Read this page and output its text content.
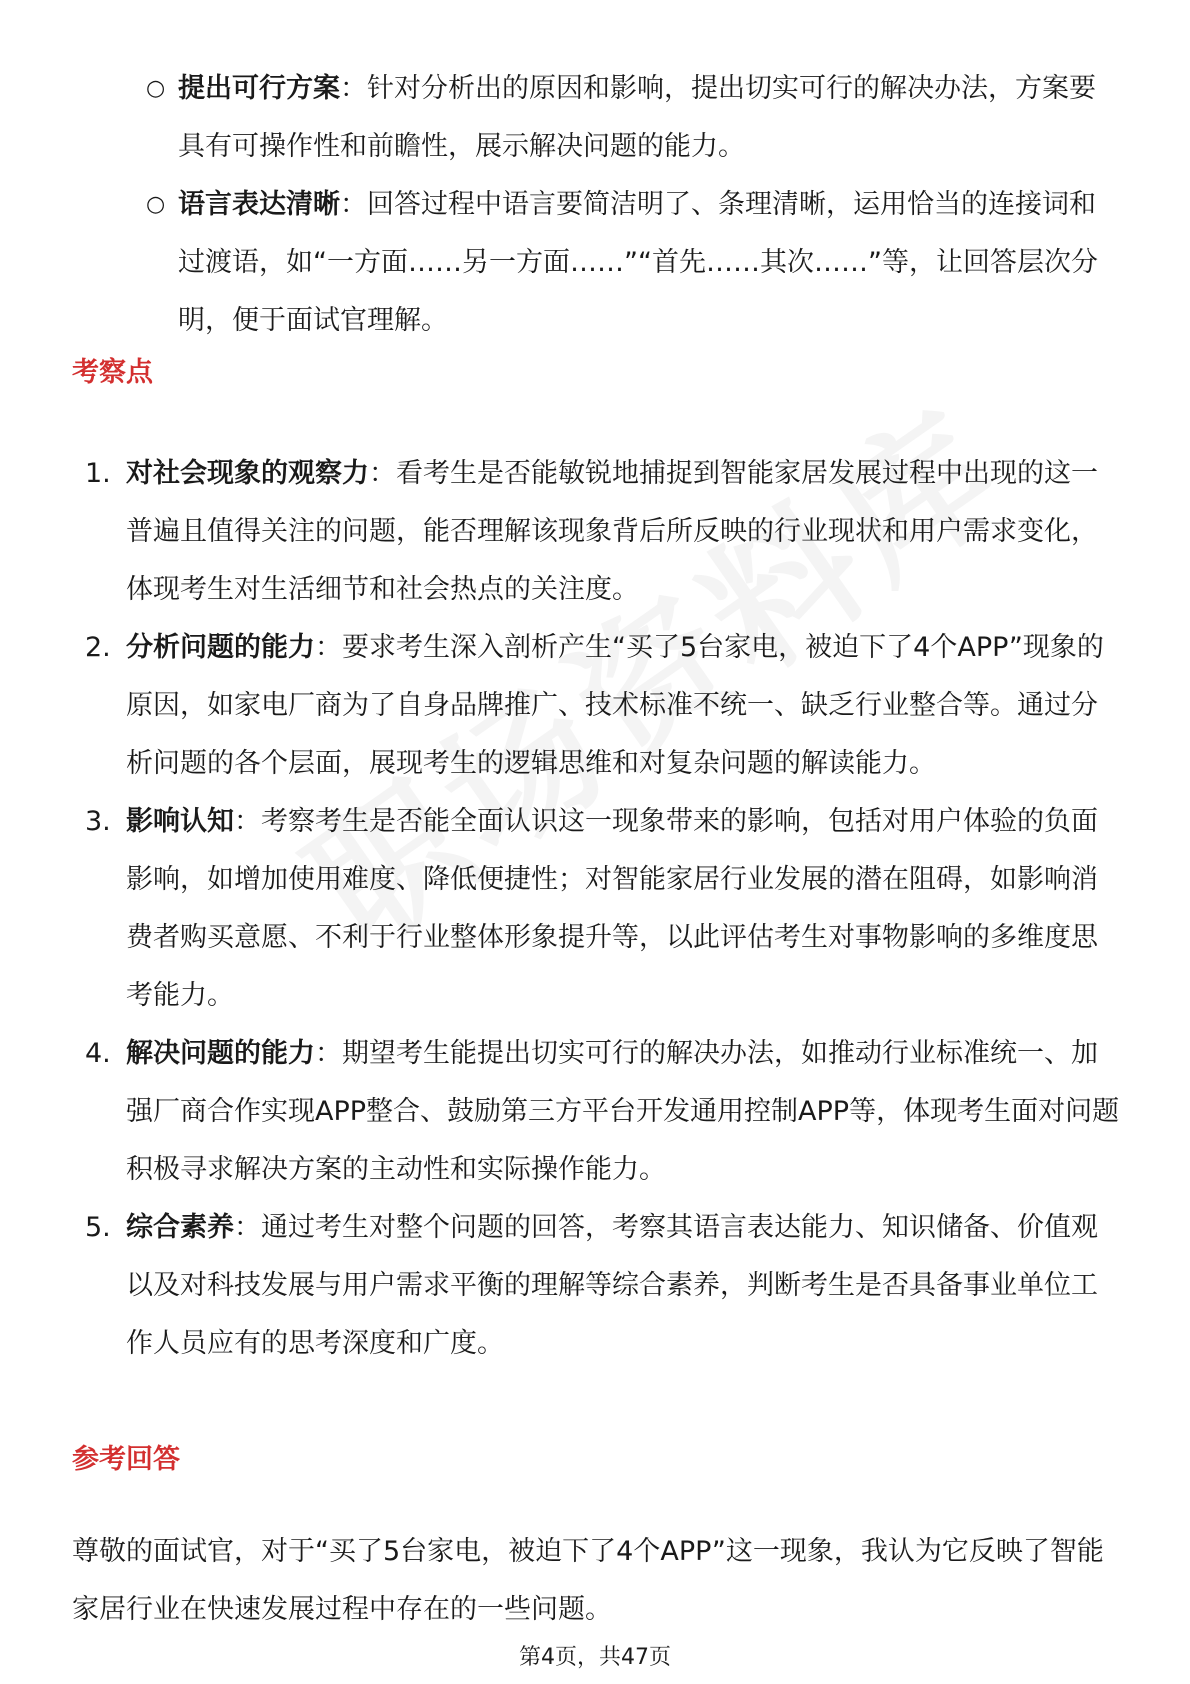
○ 提出可行方案：针对分析出的原因和影响，提出切实可行的解决办法，方案要具有可操作性和前瞻性，展示解决问题的能力。
○ 语言表达清晰：回答过程中语言要简洁明了、条理清晰，运用恰当的连接词和过渡语，如“一方面……另一方面……”“首先……其次……”等，让回答层次分明，便于面试官理解。
考察点
1. 对社会现象的观察力：看考生是否能敏锐地捕捉到智能家居发展过程中出现的这一普遍且值得关注的问题，能否理解该现象背后所反映的行业现状和用户需求变化，体现考生对生活细节和社会热点的关注度。
2. 分析问题的能力：要求考生深入剖析产生“买了5台家电，被迫下了4个APP”现象的原因，如家电厂商为了自身品牌推广、技术标准不统一、缺乏行业整合等。通过分析问题的各个层面，展现考生的逻辑思维和对复杂问题的解读能力。
3. 影响认知：考察考生是否能全面认识这一现象带来的影响，包括对用户体验的负面影响，如增加使用难度、降低便捷性；对智能家居行业发展的潜在阻碍，如影响消费者购买意愿、不利于行业整体形象提升等，以此评估考生对事物影响的多维度思考能力。
4. 解决问题的能力：期望考生能提出切实可行的解决办法，如推动行业标准统一、加强厂商合作实现APP整合、鼓励第三方平台开发通用控制APP等，体现考生面对问题积极寻求解决方案的主动性和实际操作能力。
5. 综合素养：通过考生对整个问题的回答，考察其语言表达能力、知识储备、价值观以及对科技发展与用户需求平衡的理解等综合素养，判断考生是否具备事业单位工作人员应有的思考深度和广度。
参考回答
尊敬的面试官，对于“买了5台家电，被迫下了4个APP”这一现象，我认为它反映了智能家居行业在快速发展过程中存在的一些问题。
第4页，共47页
